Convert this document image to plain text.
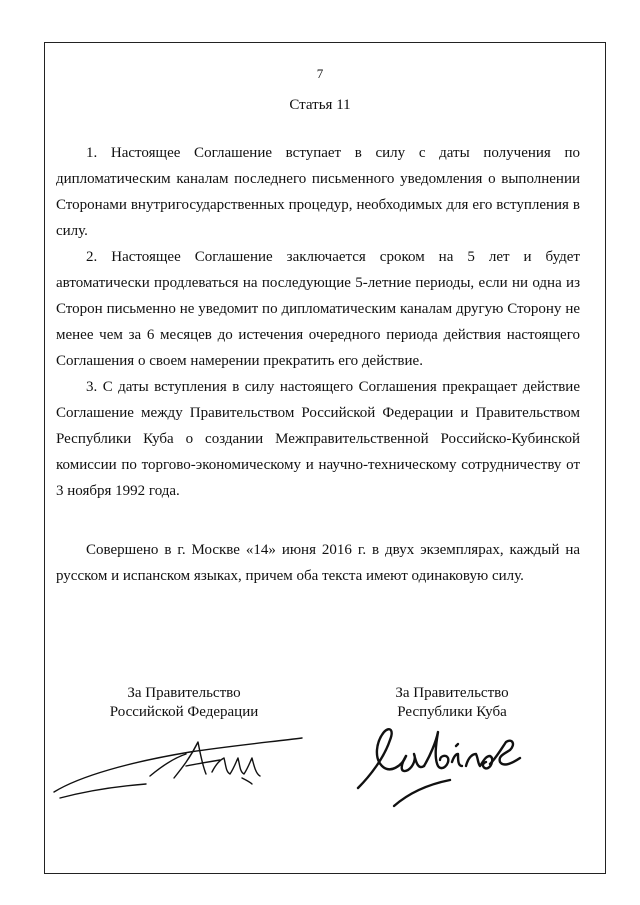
7
Статья 11

1. Настоящее Соглашение вступает в силу с даты получения по дипломатическим каналам последнего письменного уведомления о выполнении Сторонами внутригосударственных процедур, необходимых для его вступления в силу.

2. Настоящее Соглашение заключается сроком на 5 лет и будет автоматически продлеваться на последующие 5-летние периоды, если ни одна из Сторон письменно не уведомит по дипломатическим каналам другую Сторону не менее чем за 6 месяцев до истечения очередного периода действия настоящего Соглашения о своем намерении прекратить его действие.

3. С даты вступления в силу настоящего Соглашения прекращает действие Соглашение между Правительством Российской Федерации и Правительством Республики Куба о создании Межправительственной Российско-Кубинской комиссии по торгово-экономическому и научно-техническому сотрудничеству от 3 ноября 1992 года.

Совершено в г. Москве «14» июня 2016 г. в двух экземплярах, каждый на русском и испанском языках, причем оба текста имеют одинаковую силу.

За Правительство
Российской Федерации
За Правительство
Республики Куба
